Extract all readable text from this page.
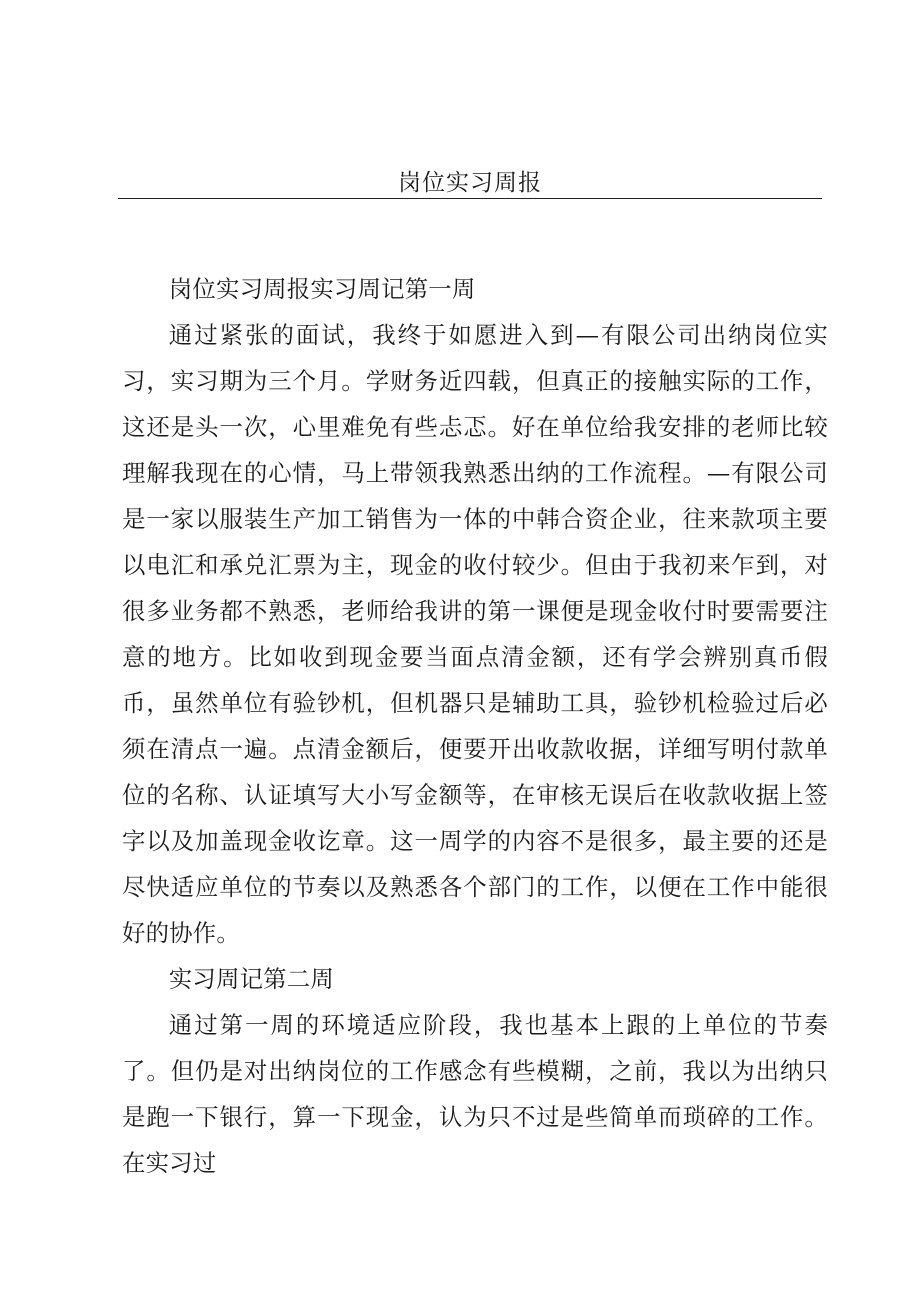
岗位实习周报

岗位实习周报实习周记第一周

通过紧张的面试，我终于如愿进入到—有限公司出纳岗位实习，实习期为三个月。学财务近四载，但真正的接触实际的工作，这还是头一次，心里难免有些忐忑。好在单位给我安排的老师比较理解我现在的心情，马上带领我熟悉出纳的工作流程。—有限公司是一家以服装生产加工销售为一体的中韩合资企业，往来款项主要以电汇和承兑汇票为主，现金的收付较少。但由于我初来乍到，对很多业务都不熟悉，老师给我讲的第一课便是现金收付时要需要注意的地方。比如收到现金要当面点清金额，还有学会辨别真币假币，虽然单位有验钞机，但机器只是辅助工具，验钞机检验过后必须在清点一遍。点清金额后，便要开出收款收据，详细写明付款单位的名称、认证填写大小写金额等，在审核无误后在收款收据上签字以及加盖现金收讫章。这一周学的内容不是很多，最主要的还是尽快适应单位的节奏以及熟悉各个部门的工作，以便在工作中能很好的协作。

实习周记第二周

通过第一周的环境适应阶段，我也基本上跟的上单位的节奏了。但仍是对出纳岗位的工作感念有些模糊，之前，我以为出纳只是跑一下银行，算一下现金，认为只不过是些简单而琐碎的工作。在实习过
